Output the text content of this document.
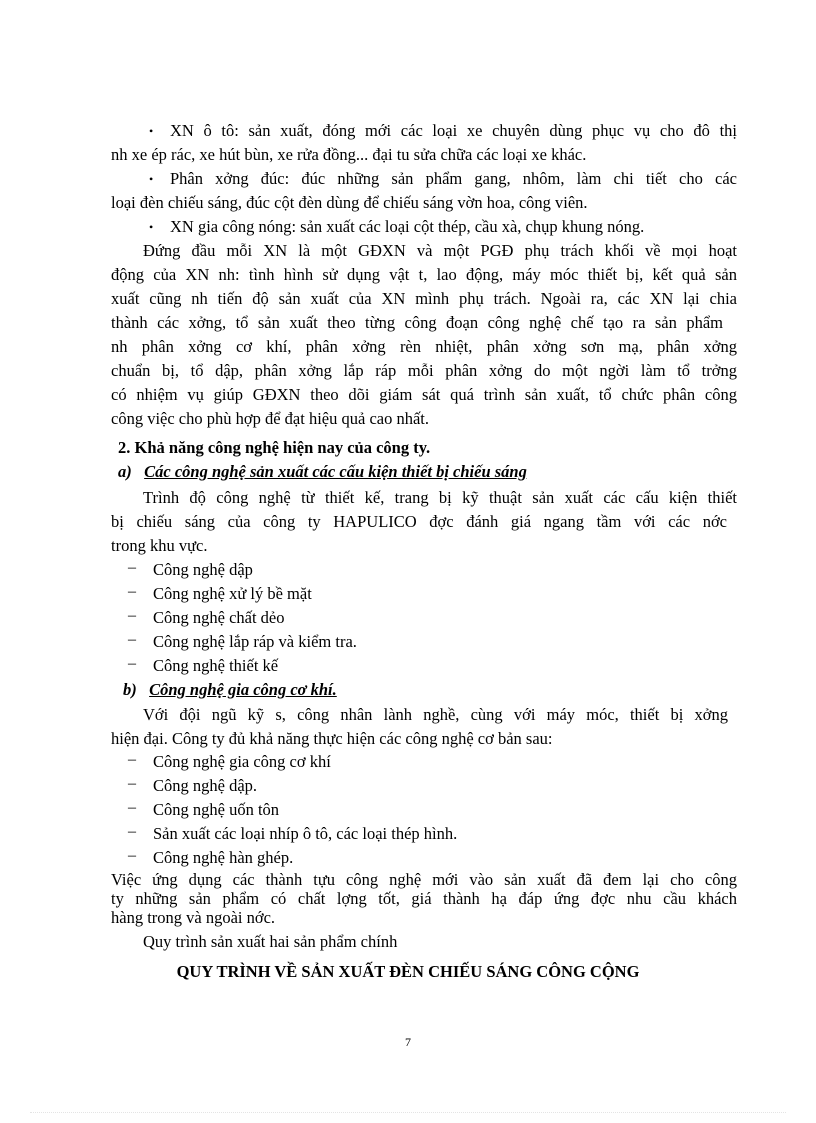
• XN ô tô: sản xuất, đóng mới các loại xe chuyên dùng phục vụ cho đô thị
nh xe ép rác, xe hút bùn, xe rửa đồng... đại tu sửa chữa các loại xe khác.
• Phân xởng đúc: đúc những sản phẩm gang, nhôm, làm chi tiết cho các
loại đèn chiếu sáng, đúc cột đèn dùng để chiếu sáng vờn hoa, công viên.
• XN gia công nóng: sản xuất các loại cột thép, cầu xà, chụp khung nóng.
Đứng đầu mỗi XN là một GĐXN và một PGĐ phụ trách khối về mọi hoạt
động của XN nh: tình hình sử dụng vật t, lao động, máy móc thiết bị, kết quả sản
xuất cũng nh tiến độ sản xuất của XN mình phụ trách. Ngoài ra, các XN lại chia
thành các xởng, tổ sản xuất theo từng công đoạn công nghệ chế tạo ra sản phẩm
nh phân xởng cơ khí, phân xởng rèn nhiệt, phân xởng sơn mạ, phân xởng
chuẩn bị, tổ dập, phân xởng lắp ráp mỗi phân xởng do một ngời làm tổ trởng
có nhiệm vụ giúp GĐXN theo dõi giám sát quá trình sản xuất, tổ chức phân công
công việc cho phù hợp để đạt hiệu quả cao nhất.
2. Khả năng công nghệ hiện nay của công ty.
a) Các công nghệ sản xuất các cấu kiện thiết bị chiếu sáng
Trình độ công nghệ từ thiết kế, trang bị kỹ thuật sản xuất các cấu kiện thiết
bị chiếu sáng của công ty HAPULICO đợc đánh giá ngang tầm với các nớc
trong khu vực.
– Công nghệ dập
– Công nghệ xử lý bề mặt
– Công nghệ chất dẻo
– Công nghệ lắp ráp và kiểm tra.
– Công nghệ thiết kế
b) Công nghệ gia công cơ khí.
Với đội ngũ kỹ s, công nhân lành nghề, cùng với máy móc, thiết bị xởng
hiện đại. Công ty đủ khả năng thực hiện các công nghệ cơ bản sau:
– Công nghệ gia công cơ khí
– Công nghệ dập.
– Công nghệ uốn tôn
– Sản xuất các loại nhíp ô tô, các loại thép hình.
– Công nghệ hàn ghép.
Việc ứng dụng các thành tựu công nghệ mới vào sản xuất đã đem lại cho công
ty những sản phẩm có chất lợng tốt, giá thành hạ đáp ứng đợc nhu cầu khách
hàng trong và ngoài nớc.
Quy trình sản xuất hai sản phẩm chính
QUY TRÌNH VỀ SẢN XUẤT ĐÈN CHIẾU SÁNG CÔNG CỘNG
7
